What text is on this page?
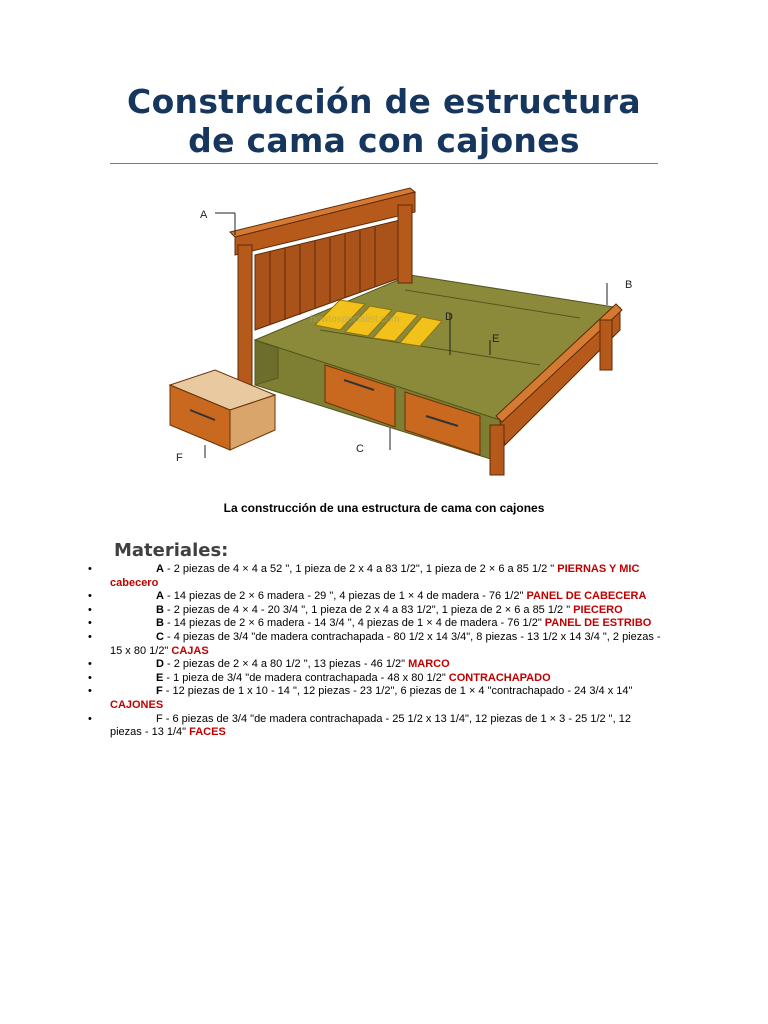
Construcción de estructura
de cama con cajones
howtospecialist.com
A
B
C
D
E
F
La construcción de una estructura de cama con cajones
Materiales:
• A - 2 piezas de 4 × 4 a 52 ", 1 pieza de 2 x 4 a 83 1/2", 1 pieza de 2 × 6 a 85 1/2 " PIERNAS Y MIC cabecero
• A - 14 piezas de 2 × 6 madera - 29 ", 4 piezas de 1 × 4 de madera - 76 1/2" PANEL DE CABECERA
• B - 2 piezas de 4 × 4 - 20 3/4 ", 1 pieza de 2 x 4 a 83 1/2", 1 pieza de 2 × 6 a 85 1/2 " PIECERO
• B - 14 piezas de 2 × 6 madera - 14 3/4 ", 4 piezas de 1 × 4 de madera - 76 1/2" PANEL DE ESTRIBO
• C - 4 piezas de 3/4 "de madera contrachapada - 80 1/2 x 14 3/4", 8 piezas - 13 1/2 x 14 3/4 ", 2 piezas - 15 x 80 1/2" CAJAS
• D - 2 piezas de 2 × 4 a 80 1/2 ", 13 piezas - 46 1/2" MARCO
• E - 1 pieza de 3/4 "de madera contrachapada - 48 x 80 1/2" CONTRACHAPADO
• F - 12 piezas de 1 x 10 - 14 ", 12 piezas - 23 1/2", 6 piezas de 1 × 4 "contrachapado - 24 3/4 x 14" CAJONES
• F - 6 piezas de 3/4 "de madera contrachapada - 25 1/2 x 13 1/4", 12 piezas de 1 × 3 - 25 1/2 ", 12 piezas - 13 1/4" FACES
